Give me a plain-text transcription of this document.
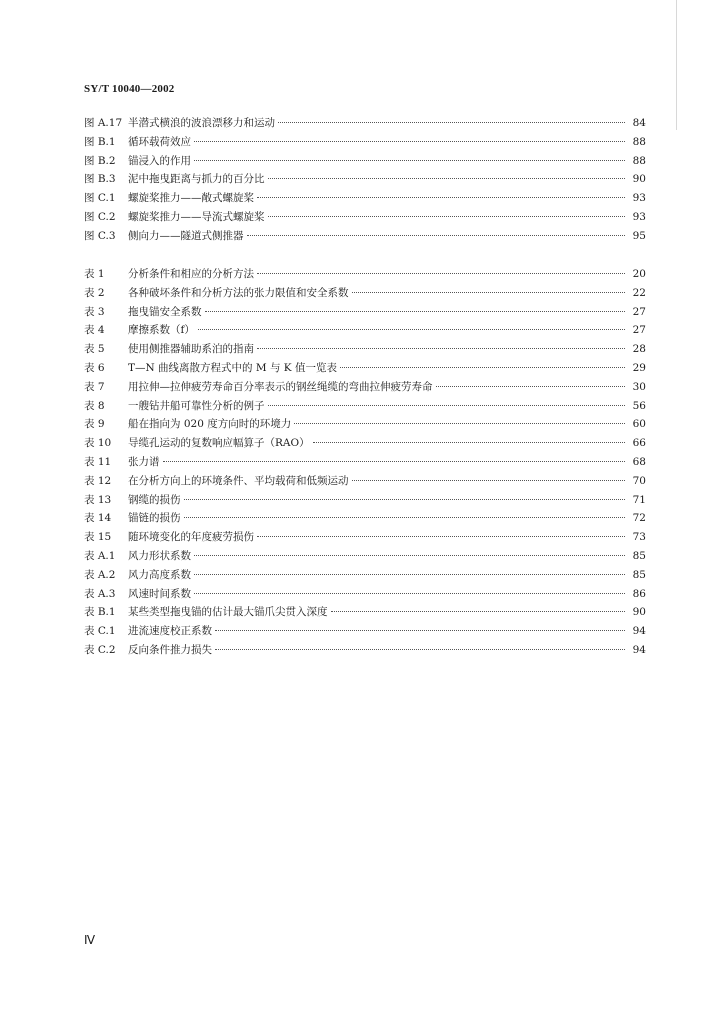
SY/T 10040—2002
图 A.17 半潜式横浪的波浪漂移力和运动	84
图 B.1	循环载荷效应	88
图 B.2	锚浸入的作用	88
图 B.3	泥中拖曳距离与抓力的百分比	90
图 C.1	螺旋桨推力——敞式螺旋桨	93
图 C.2	螺旋桨推力——导流式螺旋桨	93
图 C.3	侧向力——隧道式侧推器	95
表 1	分析条件和相应的分析方法	20
表 2	各种破坏条件和分析方法的张力限值和安全系数	22
表 3	拖曳锚安全系数	27
表 4	摩擦系数（f）	27
表 5	使用侧推器辅助系泊的指南	28
表 6	T—N 曲线离散方程式中的 M 与 K 值一览表	29
表 7	用拉伸—拉伸疲劳寿命百分率表示的钢丝绳缆的弯曲拉伸疲劳寿命	30
表 8	一艘钻井船可靠性分析的例子	56
表 9	船在指向为 020 度方向时的环境力	60
表 10	导缆孔运动的复数响应幅算子（RAO）	66
表 11	张力谱	68
表 12	在分析方向上的环境条件、平均载荷和低频运动	70
表 13	钢缆的损伤	71
表 14	锚链的损伤	72
表 15	随环境变化的年度疲劳损伤	73
表 A.1	风力形状系数	85
表 A.2	风力高度系数	85
表 A.3	风速时间系数	86
表 B.1	某些类型拖曳锚的估计最大锚爪尖贯入深度	90
表 C.1	进流速度校正系数	94
表 C.2	反向条件推力损失	94
Ⅳ
